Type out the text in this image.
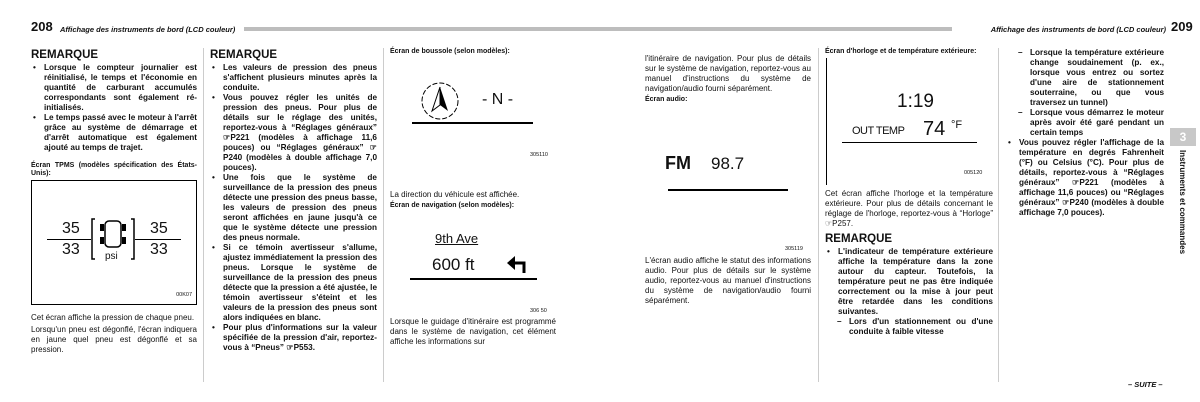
208 Affichage des instruments de bord (LCD couleur)	Affichage des instruments de bord (LCD couleur) 209
REMARQUE
• Lorsque le compteur journalier est réinitialisé, le temps et l'économie en quantité de carburant accumulés correspondants sont également ré-initialisés.
• Le temps passé avec le moteur à l'arrêt grâce au système de démarrage et d'arrêt automatique est également ajouté au temps de trajet.
Écran TPMS (modèles spécification des États-Unis):
35
33
35
33
psi
00K07
Cet écran affiche la pression de chaque pneu.
Lorsqu'un pneu est dégonflé, l'écran indiquera en jaune quel pneu est dégonflé et sa pression.
REMARQUE
• Les valeurs de pression des pneus s'affichent plusieurs minutes après la conduite.
• Vous pouvez régler les unités de pression des pneus. Pour plus de détails sur le réglage des unités, reportez-vous à “Réglages généraux” ☞P221 (modèles à affichage 11,6 pouces) ou “Réglages généraux” ☞P240 (modèles à double affichage 7,0 pouces).
• Une fois que le système de surveillance de la pression des pneus détecte une pression des pneus basse, les valeurs de pression des pneus seront affichées en jaune jusqu'à ce que le système détecte une pression des pneus normale.
• Si ce témoin avertisseur s'allume, ajustez immédiatement la pression des pneus. Lorsque le système de surveillance de la pression des pneus détecte que la pression a été ajustée, le témoin avertisseur s'éteint et les valeurs de la pression des pneus sont alors indiquées en blanc.
• Pour plus d'informations sur la valeur spécifiée de la pression d'air, reportez-vous à “Pneus” ☞P553.
Écran de boussole (selon modèles):
- N -
305110
La direction du véhicule est affichée.
Écran de navigation (selon modèles):
9th Ave
600 ft
306 50
Lorsque le guidage d'itinéraire est programmé dans le système de navigation, cet élément affiche les informations sur
l'itinéraire de navigation. Pour plus de détails sur le système de navigation, reportez-vous au manuel d'instructions du système de navigation/audio fourni séparément.
Écran audio:
FM 98.7
305119
L'écran audio affiche le statut des informations audio. Pour plus de détails sur le système audio, reportez-vous au manuel d'instructions du système de navigation/audio fourni séparément.
Écran d'horloge et de température extérieure:
1:19
OUT TEMP 74 °F
005120
Cet écran affiche l'horloge et la température extérieure. Pour plus de détails concernant le réglage de l'horloge, reportez-vous à “Horloge” ☞P257.
REMARQUE
• L'indicateur de température extérieure affiche la température dans la zone autour du capteur. Toutefois, la température peut ne pas être indiquée correctement ou la mise à jour peut être retardée dans les conditions suivantes.
– Lors d'un stationnement ou d'une conduite à faible vitesse
– Lorsque la température extérieure change soudainement (p. ex., lorsque vous entrez ou sortez d'une aire de stationnement souterraine, ou que vous traversez un tunnel)
– Lorsque vous démarrez le moteur après avoir été garé pendant un certain temps
• Vous pouvez régler l'affichage de la température en degrés Fahrenheit (°F) ou Celsius (°C). Pour plus de détails, reportez-vous à “Réglages généraux” ☞P221 (modèles à affichage 11,6 pouces) ou “Réglages généraux” ☞P240 (modèles à double affichage 7,0 pouces).
3
Instruments et commandes
– SUITE –
